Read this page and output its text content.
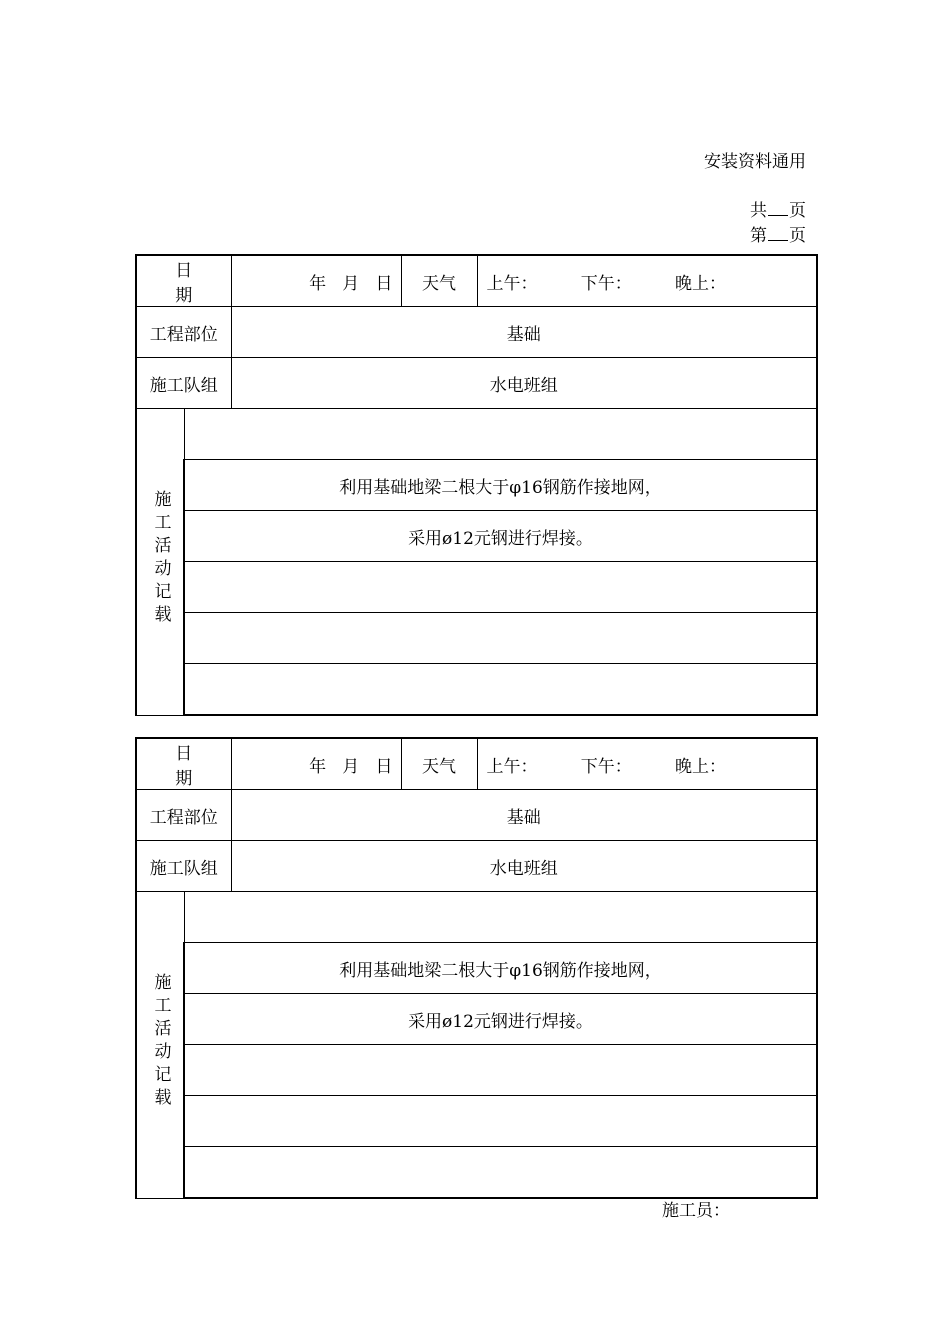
安装资料通用
共 页
第 页
日 期		年   月   日	天气	上午：        下午：        晚上：
工程部位		基础		
施工队组		水电班组		
施工活动记载				
	利用基础地梁二根大于φ16钢筋作接地网，			
	采用ø12元钢进行焊接。			

日 期		年   月   日	天气	上午：        下午：        晚上：
工程部位		基础		
施工队组		水电班组		
施工活动记载				
	利用基础地梁二根大于φ16钢筋作接地网，			
	采用ø12元钢进行焊接。			

施工员：
